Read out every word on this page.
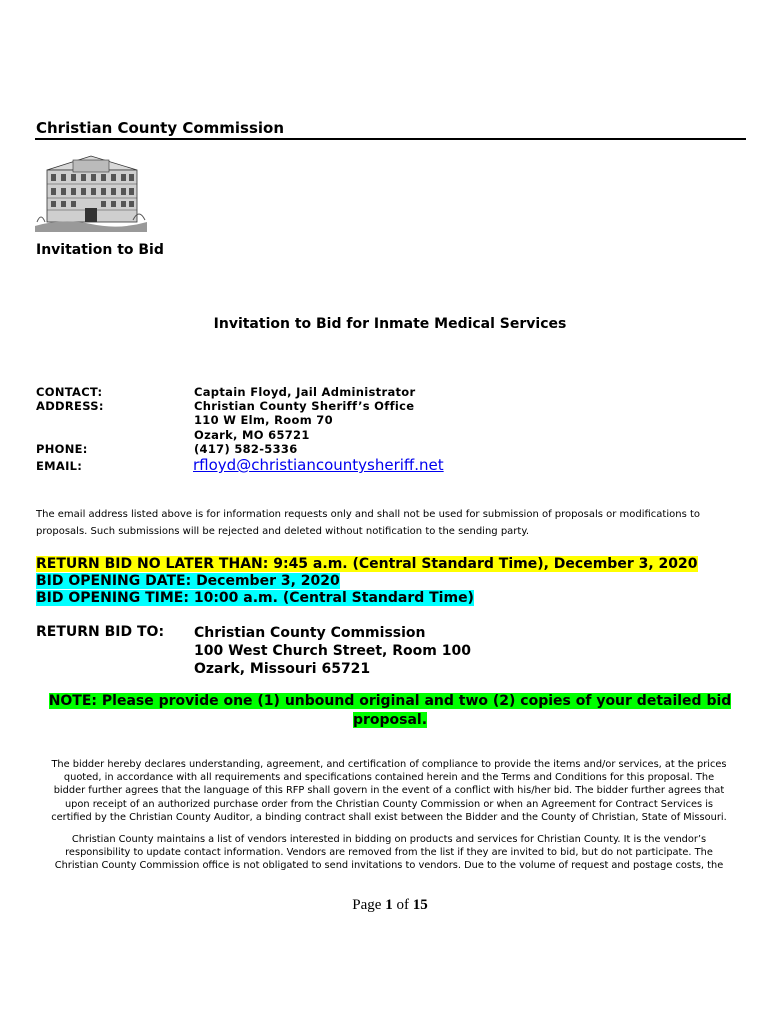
Christian County Commission
Invitation to Bid
Invitation to Bid for Inmate Medical Services
CONTACT:	Captain Floyd, Jail Administrator
ADDRESS:	Christian County Sheriff’s Office
110 W Elm, Room 70
Ozark, MO 65721
PHONE:	(417) 582-5336
EMAIL:	rfloyd@christiancountysheriff.net
The email address listed above is for information requests only and shall not be used for submission of proposals or modifications to proposals. Such submissions will be rejected and deleted without notification to the sending party.
RETURN BID NO LATER THAN: 9:45 a.m. (Central Standard Time), December 3, 2020
BID OPENING DATE: December 3, 2020
BID OPENING TIME: 10:00 a.m. (Central Standard Time)
RETURN BID TO: Christian County Commission
100 West Church Street, Room 100
Ozark, Missouri 65721
NOTE: Please provide one (1) unbound original and two (2) copies of your detailed bid
proposal.
The bidder hereby declares understanding, agreement, and certification of compliance to provide the items and/or services, at the prices
quoted, in accordance with all requirements and specifications contained herein and the Terms and Conditions for this proposal. The
bidder further agrees that the language of this RFP shall govern in the event of a conflict with his/her bid. The bidder further agrees that
upon receipt of an authorized purchase order from the Christian County Commission or when an Agreement for Contract Services is
certified by the Christian County Auditor, a binding contract shall exist between the Bidder and the County of Christian, State of Missouri.
Christian County maintains a list of vendors interested in bidding on products and services for Christian County. It is the vendor’s
responsibility to update contact information. Vendors are removed from the list if they are invited to bid, but do not participate. The
Christian County Commission office is not obligated to send invitations to vendors. Due to the volume of request and postage costs, the
Page 1 of 15
